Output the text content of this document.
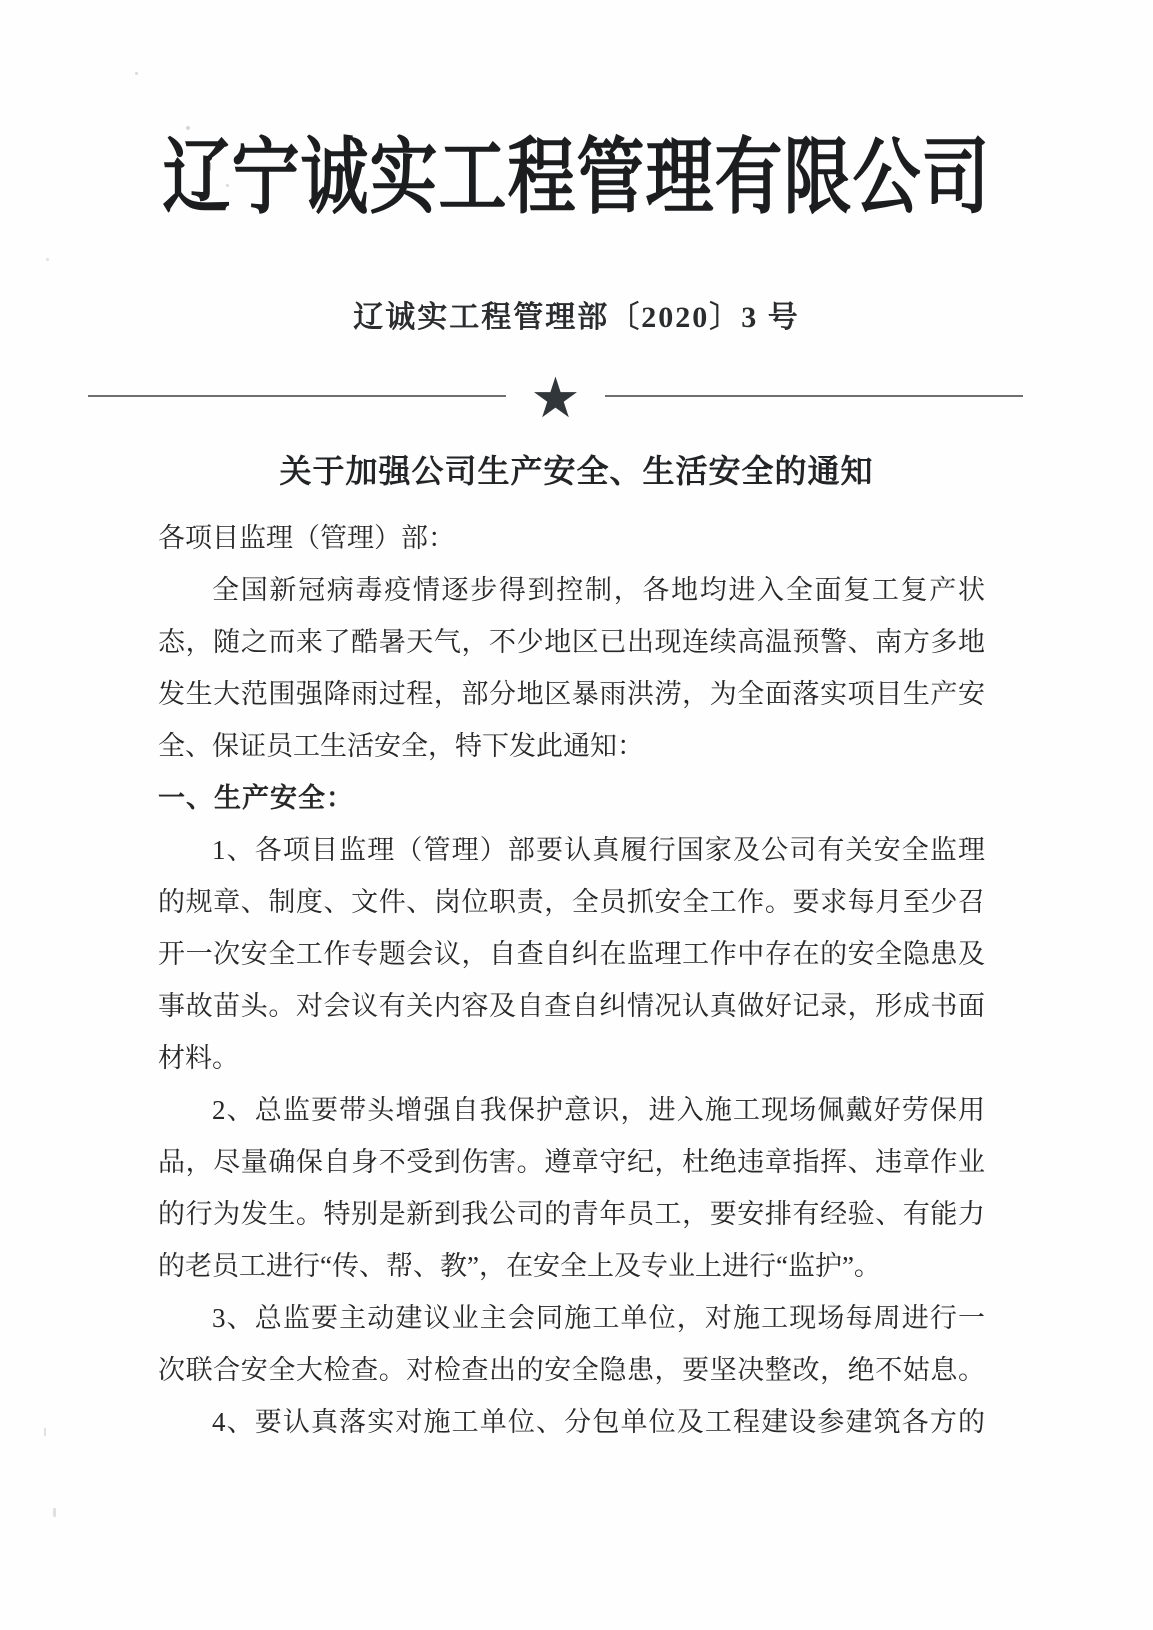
辽宁诚实工程管理有限公司
辽诚实工程管理部〔2020〕3 号
★
关于加强公司生产安全、生活安全的通知

各项目监理（管理）部：

全国新冠病毒疫情逐步得到控制，各地均进入全面复工复产状

态，随之而来了酷暑天气，不少地区已出现连续高温预警、南方多地

发生大范围强降雨过程，部分地区暴雨洪涝，为全面落实项目生产安

全、保证员工生活安全，特下发此通知：

一、生产安全：

1、各项目监理（管理）部要认真履行国家及公司有关安全监理

的规章、制度、文件、岗位职责，全员抓安全工作。要求每月至少召

开一次安全工作专题会议，自查自纠在监理工作中存在的安全隐患及

事故苗头。对会议有关内容及自查自纠情况认真做好记录，形成书面

材料。

2、总监要带头增强自我保护意识，进入施工现场佩戴好劳保用

品，尽量确保自身不受到伤害。遵章守纪，杜绝违章指挥、违章作业

的行为发生。特别是新到我公司的青年员工，要安排有经验、有能力

的老员工进行“传、帮、教”，在安全上及专业上进行“监护”。

3、总监要主动建议业主会同施工单位，对施工现场每周进行一

次联合安全大检查。对检查出的安全隐患，要坚决整改，绝不姑息。

4、要认真落实对施工单位、分包单位及工程建设参建筑各方的
